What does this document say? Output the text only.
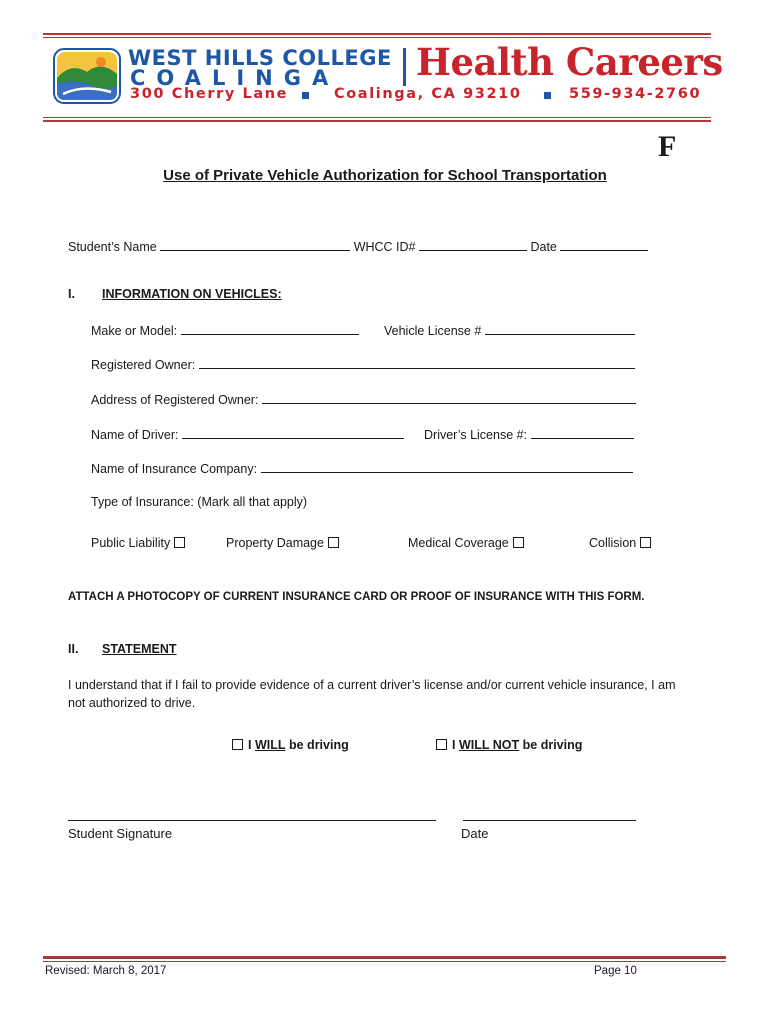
WEST HILLS COLLEGE
COALINGA Health Careers
300 Cherry Lane	Coalinga, CA 93210	559-934-2760
F
Use of Private Vehicle Authorization for School Transportation
Student’s Name	WHCC ID#	Date
I. INFORMATION ON VEHICLES:
Make or Model:	Vehicle License #
Registered Owner:
Address of Registered Owner:
Name of Driver:	Driver’s License #:
Name of Insurance Company:
Type of Insurance: (Mark all that apply)
Public Liability	Property Damage	Medical Coverage	Collision
ATTACH A PHOTOCOPY OF CURRENT INSURANCE CARD OR PROOF OF INSURANCE WITH THIS FORM.
II. STATEMENT
I understand that if I fail to provide evidence of a current driver’s license and/or current vehicle insurance, I am not authorized to drive.
I WILL be driving	I WILL NOT be driving
Student Signature	Date
Revised: March 8, 2017	Page 10
